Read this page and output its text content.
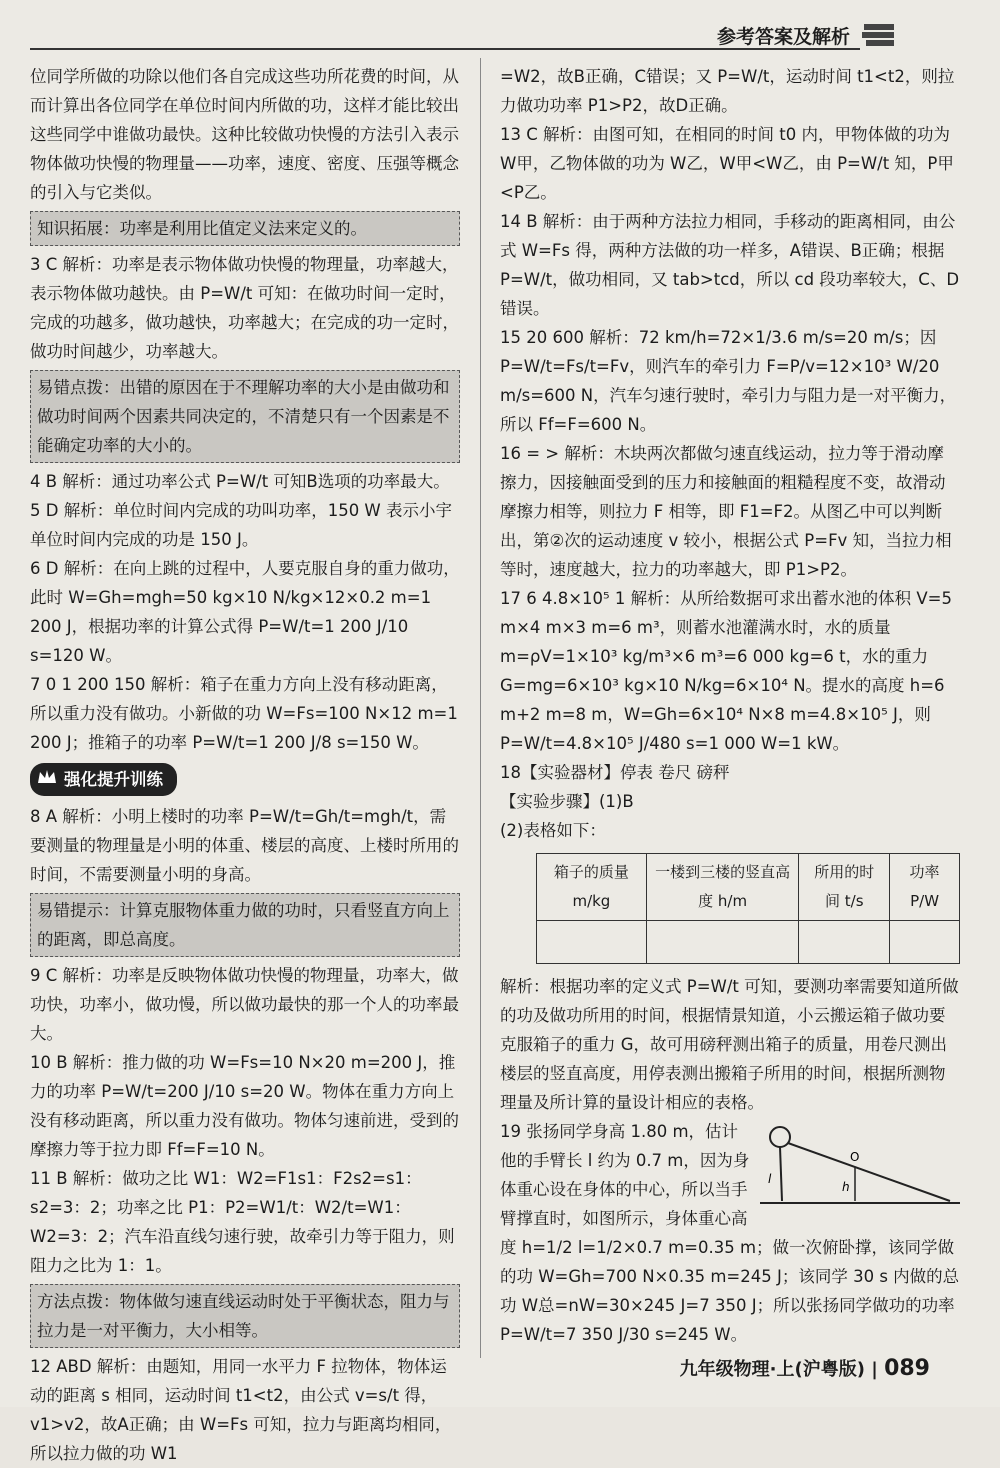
参考答案及解析

位同学所做的功除以他们各自完成这些功所花费的时间，从而计算出各位同学在单位时间内所做的功，这样才能比较出这些同学中谁做功最快。这种比较做功快慢的方法引入表示物体做功快慢的物理量——功率，速度、密度、压强等概念的引入与它类似。

知识拓展：功率是利用比值定义法来定义的。

3 C 解析：功率是表示物体做功快慢的物理量，功率越大，表示物体做功越快。由 P=W/t 可知：在做功时间一定时，完成的功越多，做功越快，功率越大；在完成的功一定时，做功时间越少，功率越大。

易错点拨：出错的原因在于不理解功率的大小是由做功和做功时间两个因素共同决定的，不清楚只有一个因素是不能确定功率的大小的。

4 B 解析：通过功率公式 P=W/t 可知B选项的功率最大。

5 D 解析：单位时间内完成的功叫功率，150 W 表示小宇单位时间内完成的功是 150 J。

6 D 解析：在向上跳的过程中，人要克服自身的重力做功，此时 W=Gh=mgh=50 kg×10 N/kg×12×0.2 m=1 200 J，根据功率的计算公式得 P=W/t=1 200 J/10 s=120 W。

7 0 1 200 150 解析：箱子在重力方向上没有移动距离，所以重力没有做功。小新做的功 W=Fs=100 N×12 m=1 200 J；推箱子的功率 P=W/t=1 200 J/8 s=150 W。

强化提升训练

8 A 解析：小明上楼时的功率 P=W/t=Gh/t=mgh/t，需要测量的物理量是小明的体重、楼层的高度、上楼时所用的时间，不需要测量小明的身高。

易错提示：计算克服物体重力做的功时，只看竖直方向上的距离，即总高度。

9 C 解析：功率是反映物体做功快慢的物理量，功率大，做功快，功率小，做功慢，所以做功最快的那一个人的功率最大。

10 B 解析：推力做的功 W=Fs=10 N×20 m=200 J，推力的功率 P=W/t=200 J/10 s=20 W。物体在重力方向上没有移动距离，所以重力没有做功。物体匀速前进，受到的摩擦力等于拉力即 Ff=F=10 N。

11 B 解析：做功之比 W1：W2=F1s1：F2s2=s1：s2=3：2；功率之比 P1：P2=W1/t：W2/t=W1：W2=3：2；汽车沿直线匀速行驶，故牵引力等于阻力，则阻力之比为 1：1。

方法点拨：物体做匀速直线运动时处于平衡状态，阻力与拉力是一对平衡力，大小相等。

12 ABD 解析：由题知，用同一水平力 F 拉物体，物体运动的距离 s 相同，运动时间 t1<t2，由公式 v=s/t 得，v1>v2，故A正确；由 W=Fs 可知，拉力与距离均相同，所以拉力做的功 W1

=W2，故B正确，C错误；又 P=W/t，运动时间 t1<t2，则拉力做功功率 P1>P2，故D正确。

13 C 解析：由图可知，在相同的时间 t0 内，甲物体做的功为 W甲，乙物体做的功为 W乙，W甲<W乙，由 P=W/t 知，P甲<P乙。

14 B 解析：由于两种方法拉力相同，手移动的距离相同，由公式 W=Fs 得，两种方法做的功一样多，A错误、B正确；根据 P=W/t，做功相同，又 tab>tcd，所以 cd 段功率较大，C、D错误。

15 20 600 解析：72 km/h=72×1/3.6 m/s=20 m/s；因 P=W/t=Fs/t=Fv，则汽车的牵引力 F=P/v=12×10³ W/20 m/s=600 N，汽车匀速行驶时，牵引力与阻力是一对平衡力，所以 Ff=F=600 N。

16 = > 解析：木块两次都做匀速直线运动，拉力等于滑动摩擦力，因接触面受到的压力和接触面的粗糙程度不变，故滑动摩擦力相等，则拉力 F 相等，即 F1=F2。从图乙中可以判断出，第②次的运动速度 v 较小，根据公式 P=Fv 知，当拉力相等时，速度越大，拉力的功率越大，即 P1>P2。

17 6 4.8×10⁵ 1 解析：从所给数据可求出蓄水池的体积 V=5 m×4 m×3 m=6 m³，则蓄水池灌满水时，水的质量 m=ρV=1×10³ kg/m³×6 m³=6 000 kg=6 t，水的重力 G=mg=6×10³ kg×10 N/kg=6×10⁴ N。提水的高度 h=6 m+2 m=8 m，W=Gh=6×10⁴ N×8 m=4.8×10⁵ J，则 P=W/t=4.8×10⁵ J/480 s=1 000 W=1 kW。

18【实验器材】停表 卷尺 磅秤

【实验步骤】(1)B

(2)表格如下：

箱子的质量 m/kg	一楼到三楼的竖直高度 h/m	所用的时间 t/s	功率 P/W

解析：根据功率的定义式 P=W/t 可知，要测功率需要知道所做的功及做功所用的时间，根据情景知道，小云搬运箱子做功要克服箱子的重力 G，故可用磅秤测出箱子的质量，用卷尺测出楼层的竖直高度，用停表测出搬箱子所用的时间，根据所测物理量及所计算的量设计相应的表格。

O
l
h

19 张扬同学身高 1.80 m，估计他的手臂长 l 约为 0.7 m，因为身体重心设在身体的中心，所以当手臂撑直时，如图所示，身体重心高度 h=1/2 l=1/2×0.7 m=0.35 m；做一次俯卧撑，该同学做的功 W=Gh=700 N×0.35 m=245 J；该同学 30 s 内做的总功 W总=nW=30×245 J=7 350 J；所以张扬同学做功的功率 P=W/t=7 350 J/30 s=245 W。

九年级物理·上(沪粤版) | 089
